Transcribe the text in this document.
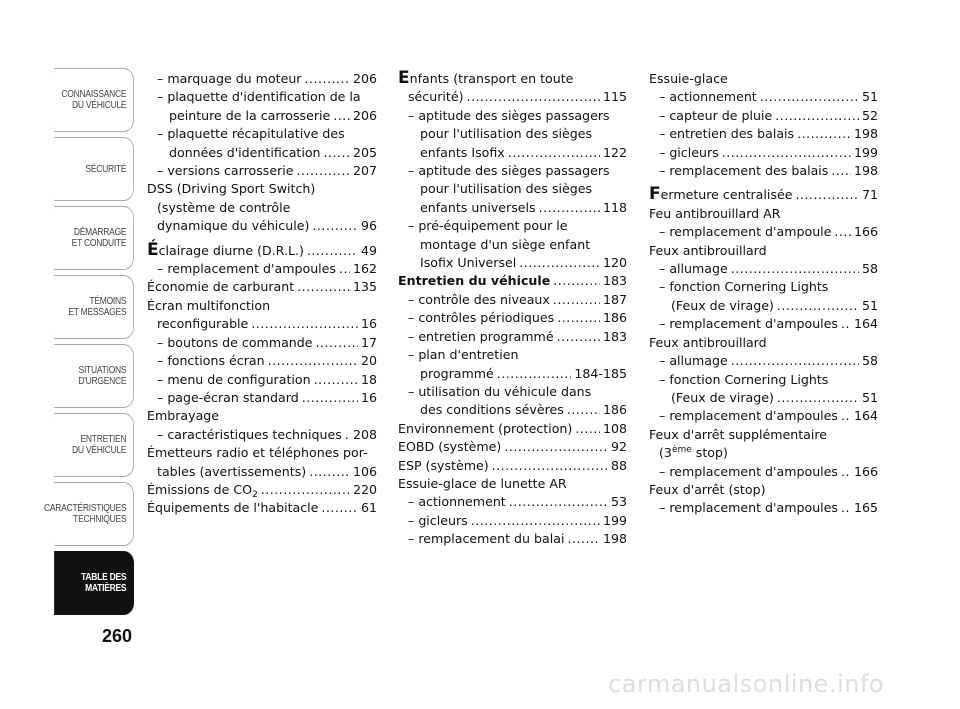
CONNAISSANCE
DU VÉHICULE
SÉCURITÉ
DÉMARRAGE
ET CONDUITE
TÉMOINS
ET MESSAGES
SITUATIONS
D'URGENCE
ENTRETIEN
DU VÉHICULE
CARACTÉRISTIQUES
TECHNIQUES
TABLE DES
MATIÈRES
260
– marquage du moteur .....	206
– plaquette d'identification de la
peinture de la carrosserie ..... 206
– plaquette récapitulative des
données d'identification .....	205
– versions carrosserie .....	207
DSS (Driving Sport Switch)
(système de contrôle
dynamique du véhicule) .....	96
Éclairage diurne (D.R.L.) .....	49
– remplacement d'ampoules ..... 162
Économie de carburant .....	135
Écran multifonction
reconfigurable .....	16
– boutons de commande .....	17
– fonctions écran .....	20
– menu de configuration .....	18
– page-écran standard .....	16
Embrayage
– caractéristiques techniques ..... 208
Émetteurs radio et téléphones por-
tables (avertissements) .....	106
Émissions de $CO_2$ .....	220
Équipements de l'habitacle .....	61
Enfants (transport en toute
sécurité) .....	115
– aptitude des sièges passagers
pour l'utilisation des sièges
enfants Isofix .....	122
– aptitude des sièges passagers
pour l'utilisation des sièges
enfants universels .....	118
– pré-équipement pour le
montage d'un siège enfant
Isofix Universel .....	120
Entretien du véhicule .....	183
– contrôle des niveaux .....	187
– contrôles périodiques .....	186
– entretien programmé .....	183
– plan d'entretien
programmé .....	184-185
– utilisation du véhicule dans
des conditions sévères .....	186
Environnement (protection) ..... 108
EOBD (système) .....	92
ESP (système) .....	88
Essuie-glace de lunette AR
– actionnement .....	53
– gicleurs .....	199
– remplacement du balai .....	198
Essuie-glace
– actionnement .....	51
– capteur de pluie .....	52
– entretien des balais .....	198
– gicleurs .....	199
– remplacement des balais ..... 198
Fermeture centralisée .....	71
Feu antibrouillard AR
– remplacement d'ampoule ..... 166
Feux antibrouillard
– allumage .....	58
– fonction Cornering Lights
(Feux de virage) .....	51
– remplacement d'ampoules ..... 164
Feux antibrouillard
– allumage .....	58
– fonction Cornering Lights
(Feux de virage) .....	51
– remplacement d'ampoules ..... 164
Feux d'arrêt supplémentaire
(3ème stop)
– remplacement d'ampoules ..... 166
Feux d'arrêt (stop)
– remplacement d'ampoules ..... 165
carmanualsonline.info
